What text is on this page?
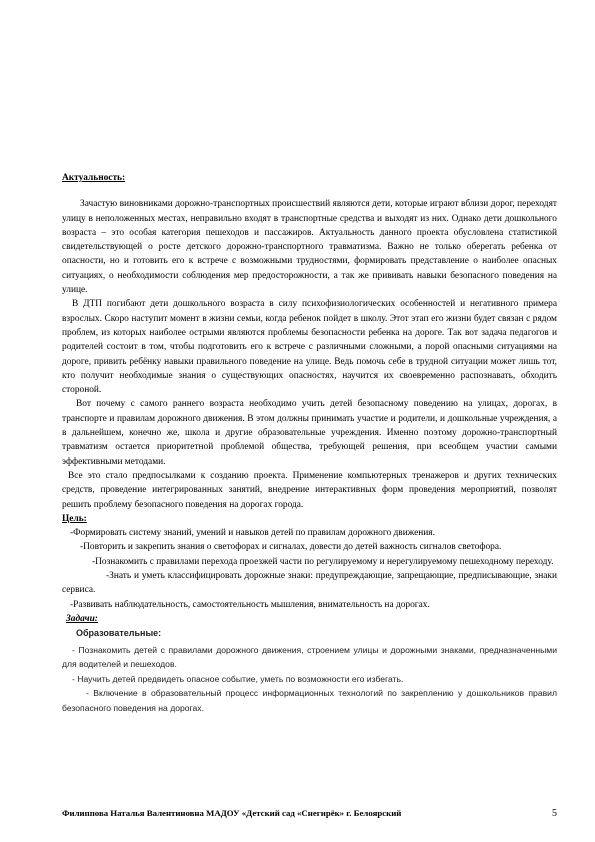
Актуальность:

Зачастую виновниками дорожно-транспортных происшествий являются дети, которые играют вблизи дорог, переходят улицу в неположенных местах, неправильно входят в транспортные средства и выходят из них. Однако дети дошкольного возраста – это особая категория пешеходов и пассажиров. Актуальность данного проекта обусловлена статистикой свидетельствующей о росте детского дорожно-транспортного травматизма. Важно не только оберегать ребенка от опасности, но и готовить его к встрече с возможными трудностями, формировать представление о наиболее опасных ситуациях, о необходимости соблюдения мер предосторожности, а так же прививать навыки безопасного поведения на улице.

В ДТП погибают дети дошкольного возраста в силу психофизиологических особенностей и негативного примера взрослых. Скоро наступит момент в жизни семьи, когда ребенок пойдет в школу. Этот этап его жизни будет связан с рядом проблем, из которых наиболее острыми являются проблемы безопасности ребенка на дороге. Так вот задача педагогов и родителей состоит в том, чтобы подготовить его к встрече с различными сложными, а порой опасными ситуациями на дороге, привить ребёнку навыки правильного поведение на улице. Ведь помочь себе в трудной ситуации может лишь тот, кто получит необходимые знания о существующих опасностях, научится их своевременно распознавать, обходить стороной.

Вот почему с самого раннего возраста необходимо учить детей безопасному поведению на улицах, дорогах, в транспорте и правилам дорожного движения. В этом должны принимать участие и родители, и дошкольные учреждения, а в дальнейшем, конечно же, школа и другие образовательные учреждения. Именно поэтому дорожно-транспортный травматизм остается приоритетной проблемой общества, требующей решения, при всеобщем участии самыми эффективными методами.

Все это стало предпосылками к созданию проекта. Применение компьютерных тренажеров и других технических средств, проведение интегрированных занятий, внедрение интерактивных форм проведения мероприятий, позволят решить проблему безопасного поведения на дорогах города.

Цель:

-Формировать систему знаний, умений и навыков детей по правилам дорожного движения.

-Повторить и закрепить знания о светофорах и сигналах, довести до детей важность сигналов светофора.

-Познакомить с правилами перехода проезжей части по регулируемому и нерегулируемому пешеходному переходу.

-Знать и уметь классифицировать дорожные знаки: предупреждающие, запрещающие, предписывающие, знаки сервиса.

-Развивать наблюдательность, самостоятельность мышления, внимательность на дорогах.

Задачи:

Образовательные:

- Познакомить детей с правилами дорожного движения, строением улицы и дорожными знаками, предназначенными для водителей и пешеходов.

- Научить детей предвидеть опасное событие, уметь по возможности его избегать.

- Включение в образовательный процесс информационных технологий по закреплению у дошкольников правил безопасного поведения на дорогах.

Филиппова Наталья Валентиновна МАДОУ «Детский сад «Снегирёк» г. Белоярский	5
